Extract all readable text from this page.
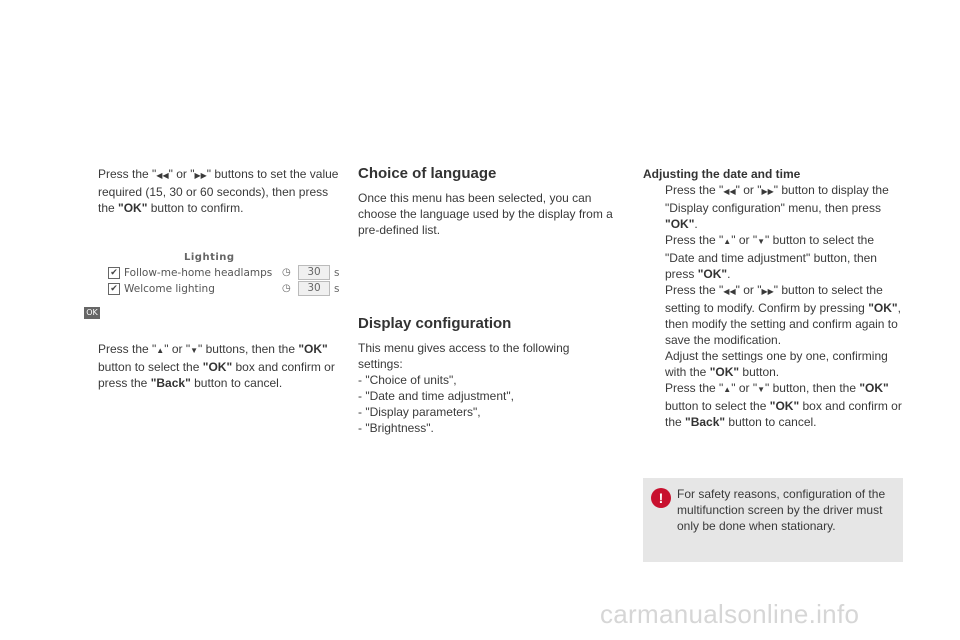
Press the "◀◀" or "▶▶" buttons to set the value required (15, 30 or 60 seconds), then press the "OK" button to confirm.
Lighting
✔ Follow-me-home headlamps ◷	30	s
✔ Welcome lighting	◷	30	s
OK
Press the "▲" or "▼" buttons, then the "OK" button to select the "OK" box and confirm or press the "Back" button to cancel.
Choice of language

Once this menu has been selected, you can choose the language used by the display from a pre-defined list.

Display configuration

This menu gives access to the following settings:

- "Choice of units",
- "Date and time adjustment",
- "Display parameters",
- "Brightness".
Adjusting the date and time
Press the "◀◀" or "▶▶" button to display the "Display configuration" menu, then press "OK".
Press the "▲" or "▼" button to select the "Date and time adjustment" button, then press "OK".
Press the "◀◀" or "▶▶" button to select the setting to modify. Confirm by pressing "OK", then modify the setting and confirm again to save the modification.
Adjust the settings one by one, confirming with the "OK" button.
Press the "▲" or "▼" button, then the "OK" button to select the "OK" box and confirm or the "Back" button to cancel.
!	For safety reasons, configuration of the multifunction screen by the driver must only be done when stationary.
carmanualsonline.info
